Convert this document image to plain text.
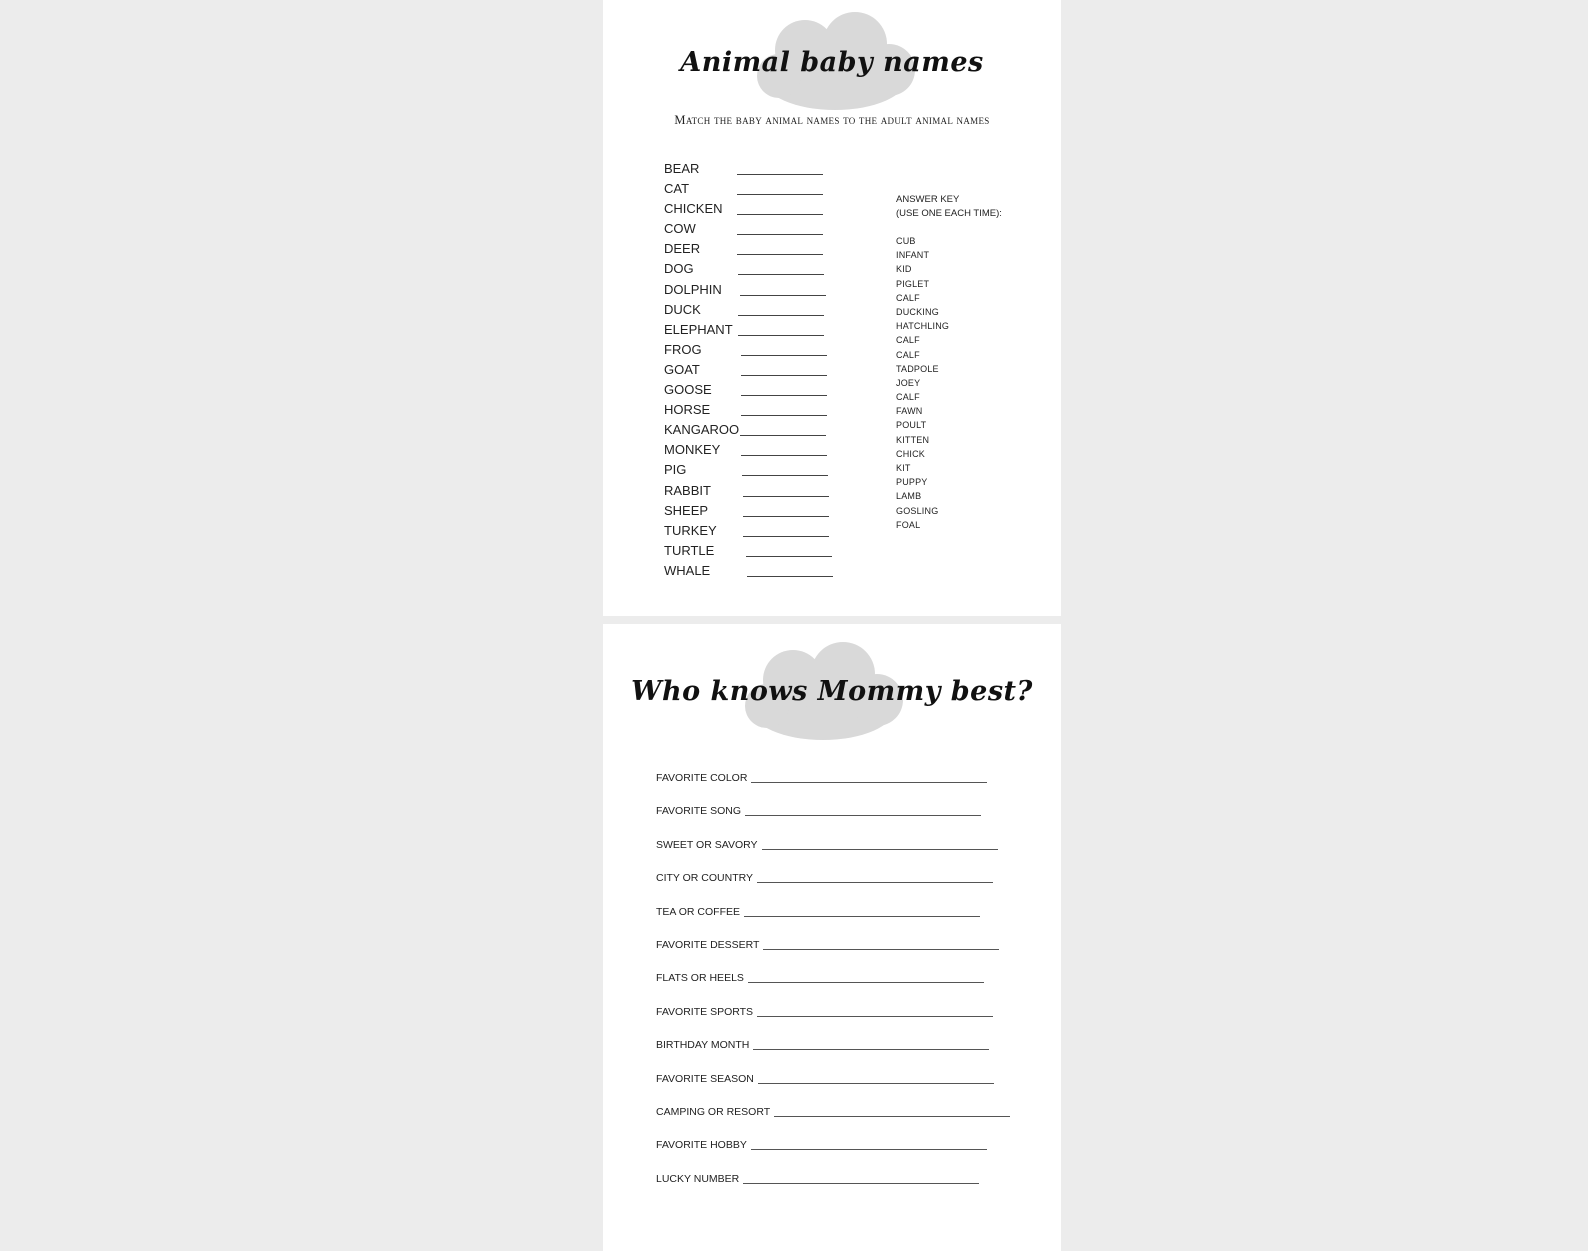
Animal baby names
Match the baby animal names to the adult animal names
BEAR
CAT
CHICKEN
COW
DEER
DOG
DOLPHIN
DUCK
ELEPHANT
FROG
GOAT
GOOSE
HORSE
KANGAROO
MONKEY
PIG
RABBIT
SHEEP
TURKEY
TURTLE
WHALE
ANSWER KEY
(USE ONE EACH TIME):
CUB
INFANT
KID
PIGLET
CALF
DUCKING
HATCHLING
CALF
CALF
TADPOLE
JOEY
CALF
FAWN
POULT
KITTEN
CHICK
KIT
PUPPY
LAMB
GOSLING
FOAL
Who knows Mommy best?
FAVORITE COLOR
FAVORITE SONG
SWEET OR SAVORY
CITY OR COUNTRY
TEA OR COFFEE
FAVORITE DESSERT
FLATS OR HEELS
FAVORITE SPORTS
BIRTHDAY MONTH
FAVORITE SEASON
CAMPING OR RESORT
FAVORITE HOBBY
LUCKY NUMBER
